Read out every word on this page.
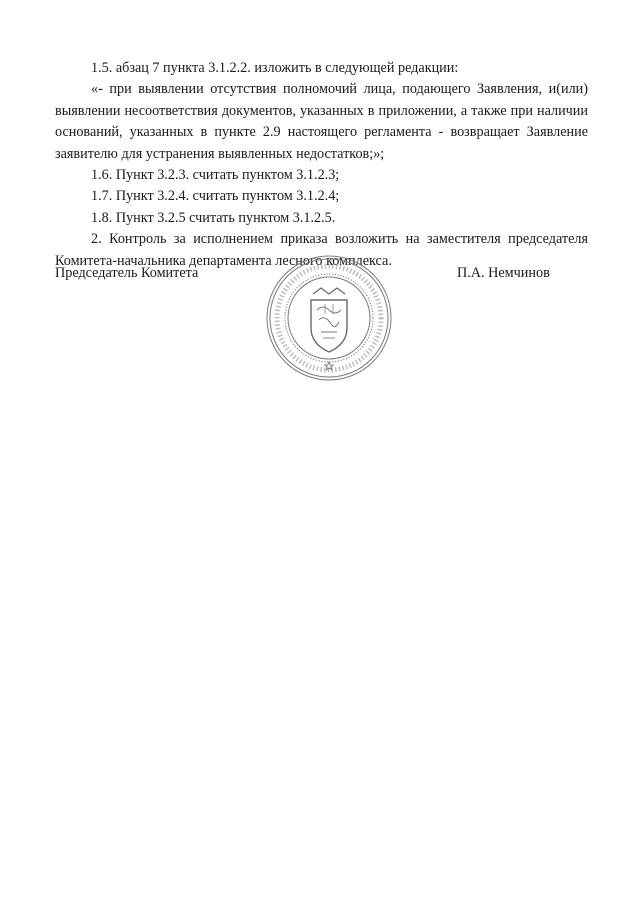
1.5. абзац 7 пункта 3.1.2.2. изложить в следующей редакции:

«- при выявлении отсутствия полномочий лица, подающего Заявления, и(или) выявлении несоответствия документов, указанных в приложении, а также при наличии оснований, указанных в пункте 2.9 настоящего регламента - возвращает Заявление заявителю для устранения выявленных недостатков;»;

1.6. Пункт 3.2.3. считать пунктом 3.1.2.3;

1.7. Пункт 3.2.4. считать пунктом 3.1.2.4;

1.8. Пункт 3.2.5 считать пунктом 3.1.2.5.

2. Контроль за исполнением приказа возложить на заместителя председателя Комитета-начальника департамента лесного комплекса.

Председатель Комитета	П.А. Немчинов
